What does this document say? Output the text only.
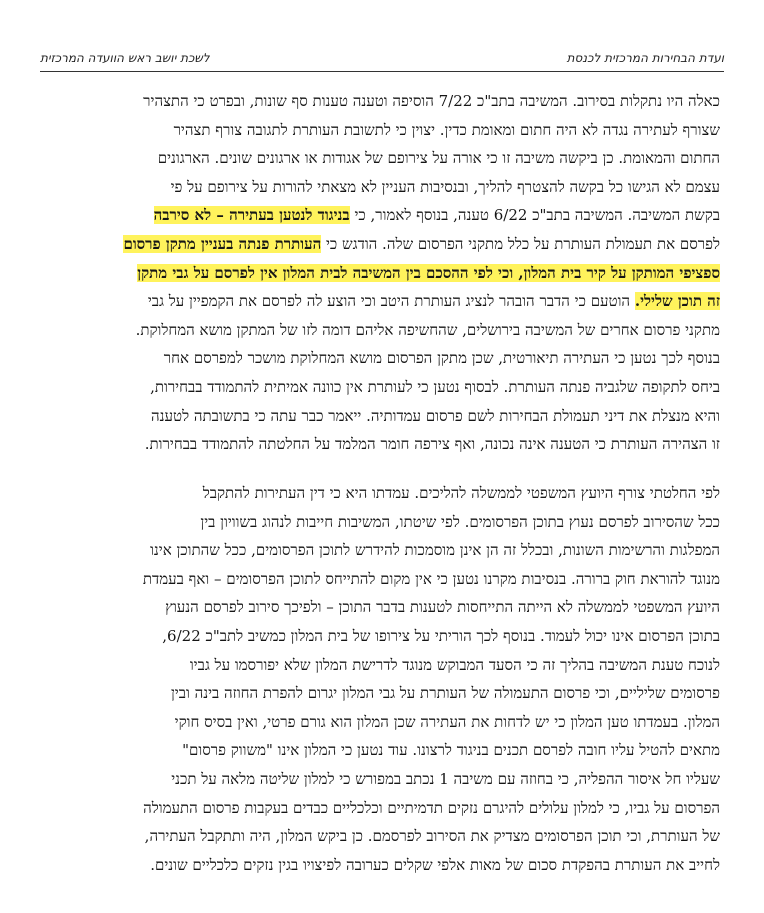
ועדת הבחירות המרכזית לכנסת
לשכת יושב ראש הוועדה המרכזית
כאלה היו נתקלות בסירוב. המשיבה בתב"כ 7/22 הוסיפה וטענה טענות סף שונות, ובפרט כי התצהיר
שצורף לעתירה נגדה לא היה חתום ומאומת כדין. יצוין כי לתשובת העותרת לתגובה צורף תצהיר
החתום והמאומת. כן ביקשה משיבה זו כי אורה על צירופם של אגודות או ארגונים שונים. הארגונים
עצמם לא הגישו כל בקשה להצטרף להליך, ובנסיבות העניין לא מצאתי להורות על צירופם על פי
בקשת המשיבה. המשיבה בתב"כ 6/22 טענה, בנוסף לאמור, כי בניגוד לנטען בעתירה – לא סירבה
לפרסם את תעמולת העותרת על כלל מתקני הפרסום שלה. הודגש כי העותרת פנתה בעניין מתקן פרסום
ספציפי המותקן על קיר בית המלון, וכי לפי ההסכם בין המשיבה לבית המלון אין לפרסם על גבי מתקן
זה תוכן שלילי. הוטעם כי הדבר הובהר לנציג העותרת היטב וכי הוצע לה לפרסם את הקמפיין על גבי
מתקני פרסום אחרים של המשיבה בירושלים, שהחשיפה אליהם דומה לזו של המתקן מושא המחלוקת.
בנוסף לכך נטען כי העתירה תיאורטית, שכן מתקן הפרסום מושא המחלוקת מושכר למפרסם אחר
ביחס לתקופה שלגביה פנתה העותרת. לבסוף נטען כי לעותרת אין כוונה אמיתית להתמודד בבחירות,
והיא מנצלת את דיני תעמולת הבחירות לשם פרסום עמדותיה. ייאמר כבר עתה כי בתשובתה לטענה
זו הצהירה העותרת כי הטענה אינה נכונה, ואף צירפה חומר המלמד על החלטתה להתמודד בבחירות.
לפי החלטתי צורף היועץ המשפטי לממשלה להליכים. עמדתו היא כי דין העתירות להתקבל
ככל שהסירוב לפרסם נעוץ בתוכן הפרסומים. לפי שיטתו, המשיבות חייבות לנהוג בשוויון בין
המפלגות והרשימות השונות, ובכלל זה הן אינן מוסמכות להידרש לתוכן הפרסומים, ככל שהתוכן אינו
מנוגד להוראת חוק ברורה. בנסיבות מקרנו נטען כי אין מקום להתייחס לתוכן הפרסומים – ואף בעמדת
היועץ המשפטי לממשלה לא הייתה התייחסות לטענות בדבר התוכן – ולפיכך סירוב לפרסם הנעוץ
בתוכן הפרסום אינו יכול לעמוד. בנוסף לכך הוריתי על צירופו של בית המלון כמשיב לתב"כ 6/22,
לנוכח טענת המשיבה בהליך זה כי הסעד המבוקש מנוגד לדרישת המלון שלא יפורסמו על גביו
פרסומים שליליים, וכי פרסום התעמולה של העותרת על גבי המלון יגרום להפרת החוזה בינה ובין
המלון. בעמדתו טען המלון כי יש לדחות את העתירה שכן המלון הוא גורם פרטי, ואין בסיס חוקי
מתאים להטיל עליו חובה לפרסם תכנים בניגוד לרצונו. עוד נטען כי המלון אינו "משווק פרסום"
שעליו חל איסור ההפליה, כי בחוזה עם משיבה 1 נכתב במפורש כי למלון שליטה מלאה על תכני
הפרסום על גביו, כי למלון עלולים להיגרם נזקים תדמיתיים וכלכליים כבדים בעקבות פרסום התעמולה
של העותרת, וכי תוכן הפרסומים מצדיק את הסירוב לפרסמם. כן ביקש המלון, היה ותתקבל העתירה,
לחייב את העותרת בהפקדת סכום של מאות אלפי שקלים כערובה לפיצויו בגין נזקים כלכליים שונים.
